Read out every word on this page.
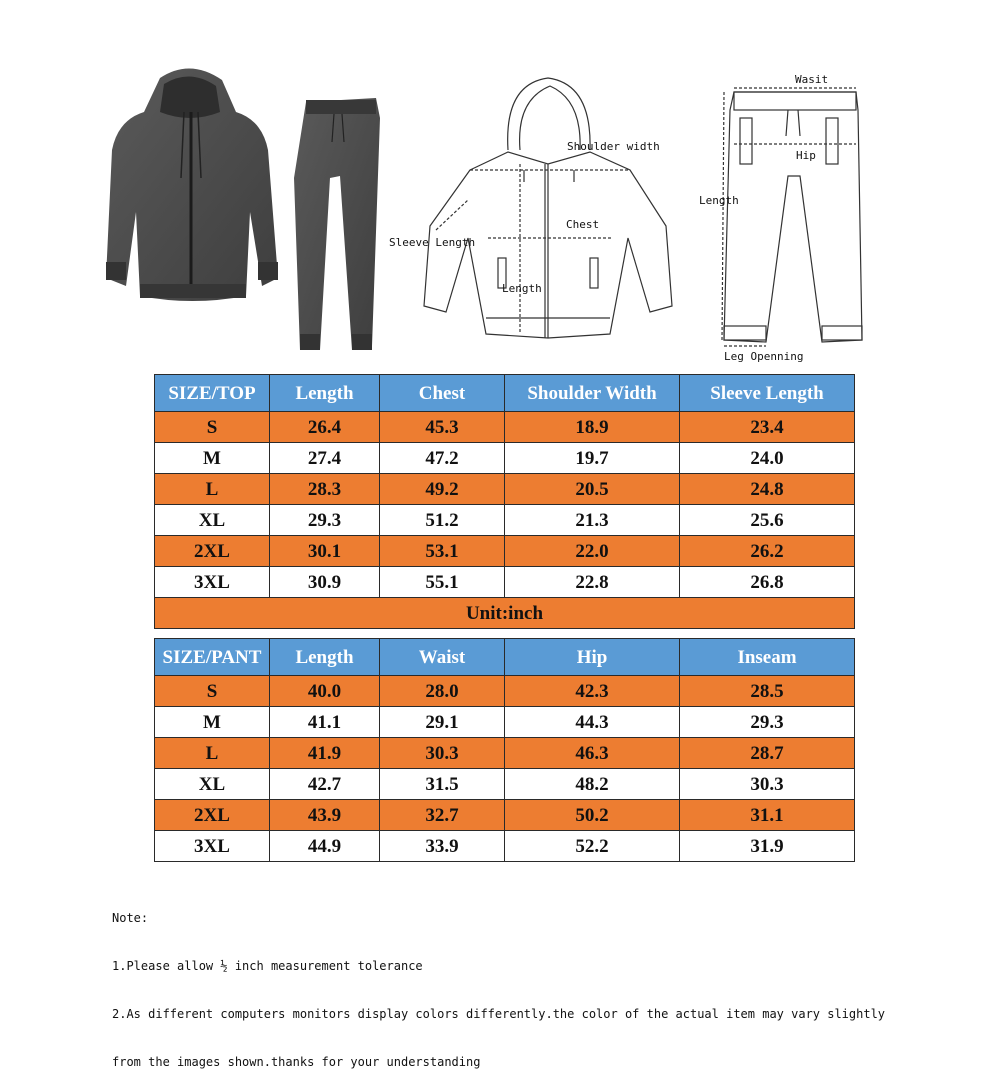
Shoulder width
Chest
Sleeve Length
Length
Wasit
Hip
Length
Leg Openning
SIZE/TOP	Length	Chest	Shoulder Width	Sleeve Length
S	26.4	45.3	18.9	23.4
M	27.4	47.2	19.7	24.0
L	28.3	49.2	20.5	24.8
XL	29.3	51.2	21.3	25.6
2XL	30.1	53.1	22.0	26.2
3XL	30.9	55.1	22.8	26.8
Unit:inch				
SIZE/PANT	Length	Waist	Hip	Inseam
S	40.0	28.0	42.3	28.5
M	41.1	29.1	44.3	29.3
L	41.9	30.3	46.3	28.7
XL	42.7	31.5	48.2	30.3
2XL	43.9	32.7	50.2	31.1
3XL	44.9	33.9	52.2	31.9

Note:

1.Please allow ½ inch measurement tolerance

2.As different computers monitors display colors differently.the color of the actual item may vary slightly

from the images shown.thanks for your understanding
